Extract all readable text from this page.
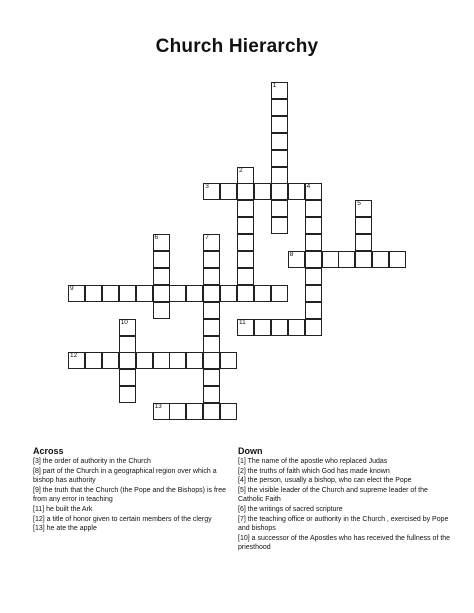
Church Hierarchy
3	4
8
9
11
12
13
1
2
5
6	7
10
Across
[3] the order of authority in the Church
[8] part of the Church in a geographical region over which a bishop has authority
[9] the truth that the Church (the Pope and the Bishops) is free from any error in teaching
[11] he built the Ark
[12] a title of honor given to certain members of the clergy
[13] he ate the apple
Down
[1] The name of the apostle who replaced Judas
[2] the truths of faith which God has made known
[4] the person, usually a bishop, who can elect the Pope
[5] the visible leader of the Church and supreme leader of the Catholic Faith
[6] the writings of sacred scripture
[7] the teaching office or authority in the Church , exercised by Pope and bishops
[10] a successor of the Apostles who has received the fullness of the priesthood
